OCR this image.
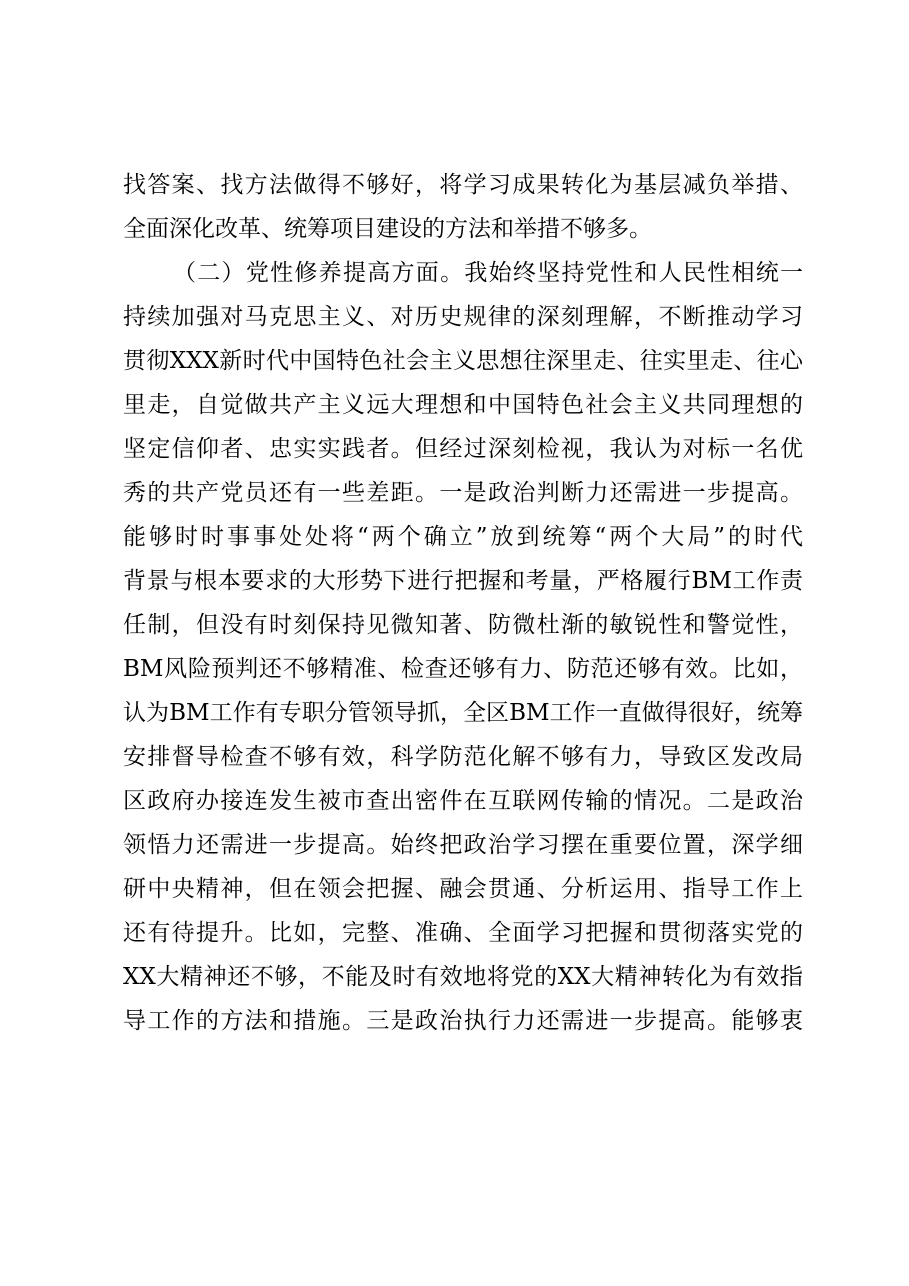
找答案、找方法做得不够好，将学习成果转化为基层减负举措、
全面深化改革、统筹项目建设的方法和举措不够多。
（二）党性修养提高方面。我始终坚持党性和人民性相统一
持续加强对马克思主义、对历史规律的深刻理解，不断推动学习
贯彻XXX新时代中国特色社会主义思想往深里走、往实里走、往心
里走，自觉做共产主义远大理想和中国特色社会主义共同理想的
坚定信仰者、忠实实践者。但经过深刻检视，我认为对标一名优
秀的共产党员还有一些差距。一是政治判断力还需进一步提高。
能够时时事事处处将“两个确立”放到统筹“两个大局”的时代
背景与根本要求的大形势下进行把握和考量，严格履行BM工作责
任制，但没有时刻保持见微知著、防微杜渐的敏锐性和警觉性，
BM风险预判还不够精准、检查还够有力、防范还够有效。比如，
认为BM工作有专职分管领导抓，全区BM工作一直做得很好，统筹
安排督导检查不够有效，科学防范化解不够有力，导致区发改局
区政府办接连发生被市查出密件在互联网传输的情况。二是政治
领悟力还需进一步提高。始终把政治学习摆在重要位置，深学细
研中央精神，但在领会把握、融会贯通、分析运用、指导工作上
还有待提升。比如，完整、准确、全面学习把握和贯彻落实党的
XX大精神还不够，不能及时有效地将党的XX大精神转化为有效指
导工作的方法和措施。三是政治执行力还需进一步提高。能够衷
